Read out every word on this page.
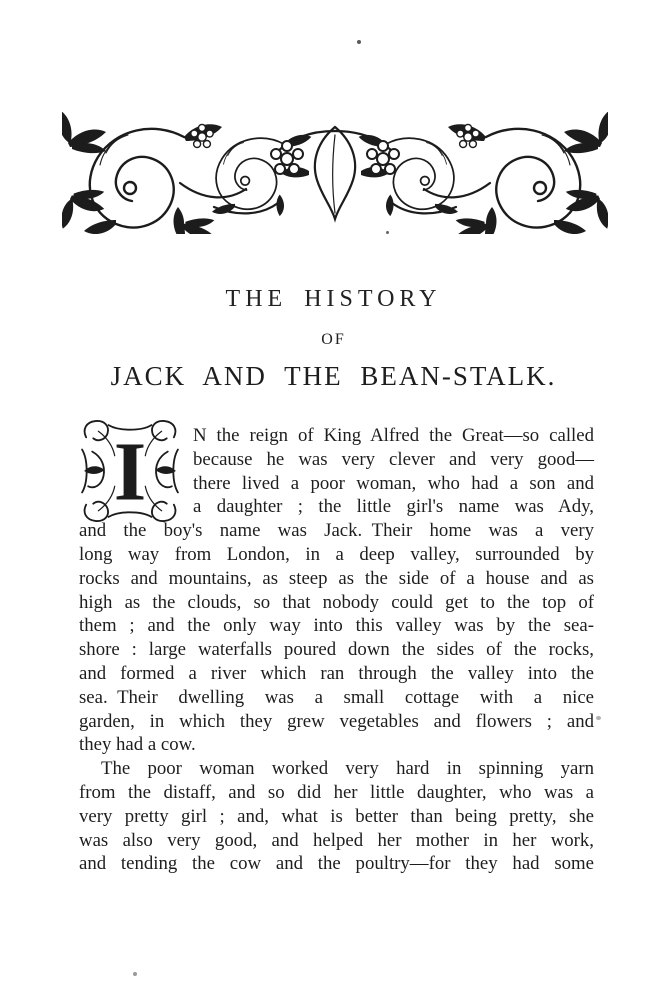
THE HISTORY
OF
JACK AND THE BEAN-STALK.
I	N the reign of King Alfred the Great—so called
because he was very clever and very good—
there lived a poor woman, who had a son and
a daughter ; the little girl's name was Ady,
and the boy's name was Jack. Their home was a very
long way from London, in a deep valley, surrounded by
rocks and mountains, as steep as the side of a house and as
high as the clouds, so that nobody could get to the top of
them ; and the only way into this valley was by the sea-
shore : large waterfalls poured down the sides of the rocks,
and formed a river which ran through the valley into the
sea. Their dwelling was a small cottage with a nice
garden, in which they grew vegetables and flowers ; and
they had a cow.
The poor woman worked very hard in spinning yarn
from the distaff, and so did her little daughter, who was a
very pretty girl ; and, what is better than being pretty, she
was also very good, and helped her mother in her work,
and tending the cow and the poultry—for they had some
